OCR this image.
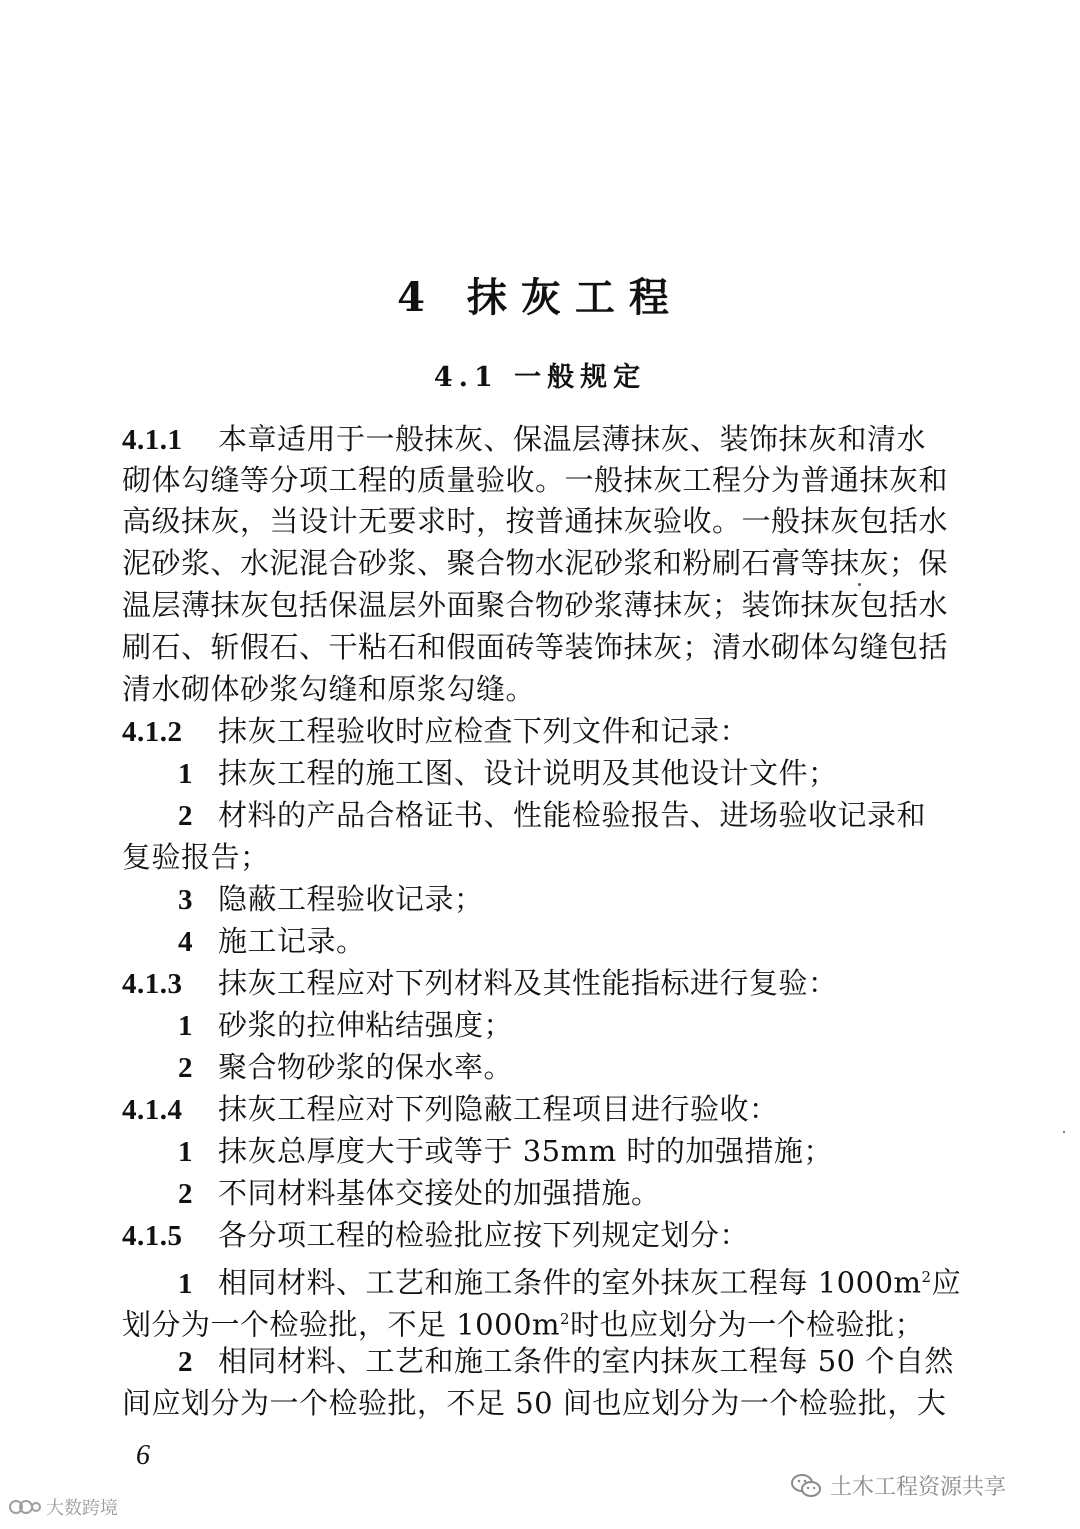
4 抹灰工程
4.1 一般规定
4.1.1 本章适用于一般抹灰、保温层薄抹灰、装饰抹灰和清水
砌体勾缝等分项工程的质量验收。一般抹灰工程分为普通抹灰和
高级抹灰，当设计无要求时，按普通抹灰验收。一般抹灰包括水
泥砂浆、水泥混合砂浆、聚合物水泥砂浆和粉刷石膏等抹灰；保
温层薄抹灰包括保温层外面聚合物砂浆薄抹灰；装饰抹灰包括水
刷石、斩假石、干粘石和假面砖等装饰抹灰；清水砌体勾缝包括
清水砌体砂浆勾缝和原浆勾缝。
4.1.2 抹灰工程验收时应检查下列文件和记录：
1 抹灰工程的施工图、设计说明及其他设计文件；
2 材料的产品合格证书、性能检验报告、进场验收记录和
复验报告；
3 隐蔽工程验收记录；
4 施工记录。
4.1.3 抹灰工程应对下列材料及其性能指标进行复验：
1 砂浆的拉伸粘结强度；
2 聚合物砂浆的保水率。
4.1.4 抹灰工程应对下列隐蔽工程项目进行验收：
1 抹灰总厚度大于或等于 35mm 时的加强措施；
2 不同材料基体交接处的加强措施。
4.1.5 各分项工程的检验批应按下列规定划分：
1 相同材料、工艺和施工条件的室外抹灰工程每 $1000m^2$应
划分为一个检验批，不足 $1000m^2$时也应划分为一个检验批；
2 相同材料、工艺和施工条件的室内抹灰工程每 50 个自然
间应划分为一个检验批，不足 50 间也应划分为一个检验批，大
6
大数跨境
土木工程资源共享
